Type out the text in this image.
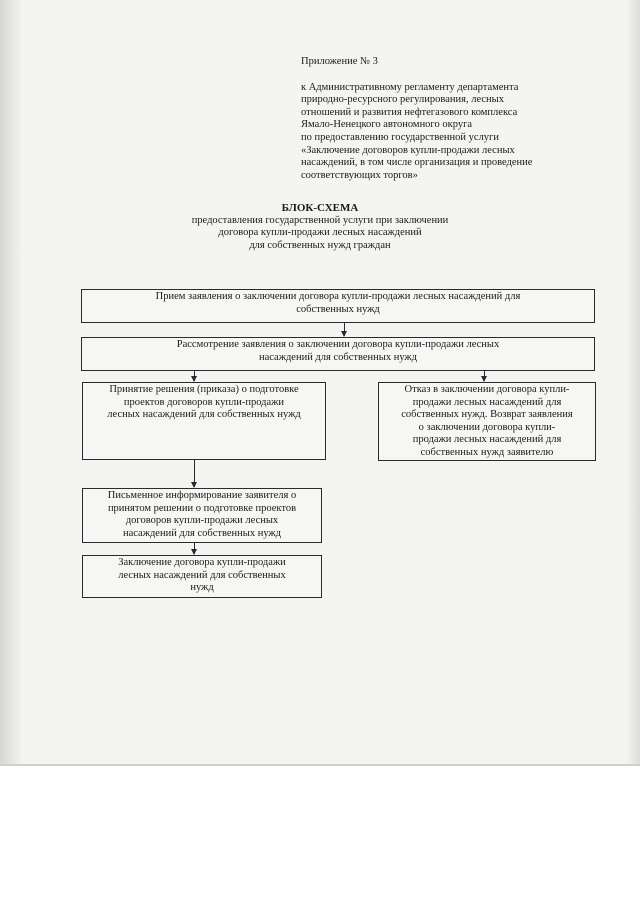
Приложение № 3
к Административному регламенту департамента
природно-ресурсного регулирования, лесных
отношений и развития нефтегазового комплекса
Ямало-Ненецкого автономного округа
по предоставлению государственной услуги
«Заключение договоров купли-продажи лесных
насаждений, в том числе организация и проведение
соответствующих торгов»
БЛОК-СХЕМА
предоставления государственной услуги при заключении
договора купли-продажи лесных насаждений
для собственных нужд граждан
Прием заявления о заключении договора купли-продажи лесных насаждений для
собственных нужд
Рассмотрение заявления о заключении договора купли-продажи лесных
насаждений для собственных нужд
Принятие решения (приказа) о подготовке
проектов договоров купли-продажи
лесных насаждений для собственных нужд
Отказ в заключении договора купли-
продажи лесных насаждений для
собственных нужд. Возврат заявления
о заключении договора купли-
продажи лесных насаждений для
собственных нужд заявителю
Письменное информирование заявителя о
принятом решении о подготовке проектов
договоров купли-продажи лесных
насаждений для собственных нужд
Заключение договора купли-продажи
лесных насаждений для собственных
нужд
